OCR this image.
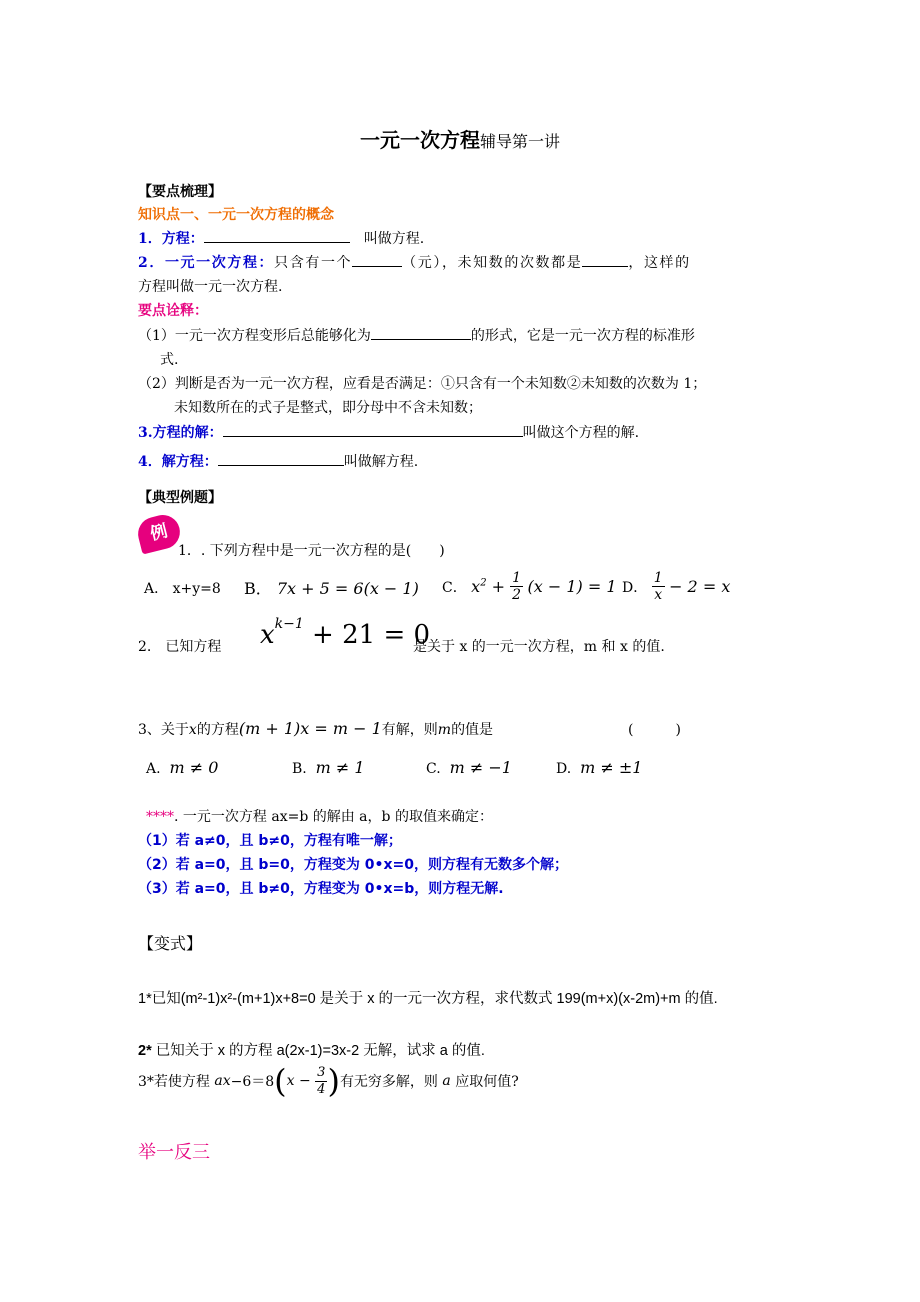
一元一次方程辅导第一讲
【要点梳理】
知识点一、一元一次方程的概念
1．方程：　	叫做方程.
2．一元一次方程：只含有一个	（元），未知数的次数都是	，这样的
方程叫做一元一次方程.
要点诠释：
（1）一元一次方程变形后总能够化为	的形式，它是一元一次方程的标准形
式.
（2）判断是否为一元一次方程，应看是否满足：①只含有一个未知数②未知数的次数为 1；
未知数所在的式子是整式，即分母中不含未知数；
3.方程的解：	叫做这个方程的解.
4．解方程：	叫做解方程.
【典型例题】
例
1．. 下列方程中是一元一次方程的是(　　)
A． x+y=8 B． 7x + 5 = 6(x − 1) C． $x^2 + \frac{1}{2} (x - 1) = 1$ D． $\frac{1}{x} - 2 = x$
2.　已知方程 $x^{k-1} + 21 = 0$
是关于 x 的一元一次方程，m 和 x 的值.
3、关于x的方程(m + 1)x = m − 1有解，则m的值是	(　　　)
A. m ≠ 0	B. m ≠ 1	C. m ≠ −1	D. m ≠ ±1
****. 一元一次方程 ax=b 的解由 a，b 的取值来确定：
（1）若 a≠0，且 b≠0，方程有唯一解；
（2）若 a=0，且 b=0，方程变为 0•x=0，则方程有无数多个解；
（3）若 a=0，且 b≠0，方程变为 0•x=b，则方程无解.
【变式】
1*已知(m²-1)x²-(m+1)x+8=0 是关于 x 的一元一次方程，求代数式 199(m+x)(x-2m)+m 的值.
2* 已知关于 x 的方程 a(2x-1)=3x-2 无解，试求 a 的值.
3*若使方程 $ax-6=8(x - \frac{3}{4}$ )有无穷多解，则 a 应取何值?
举一反三
